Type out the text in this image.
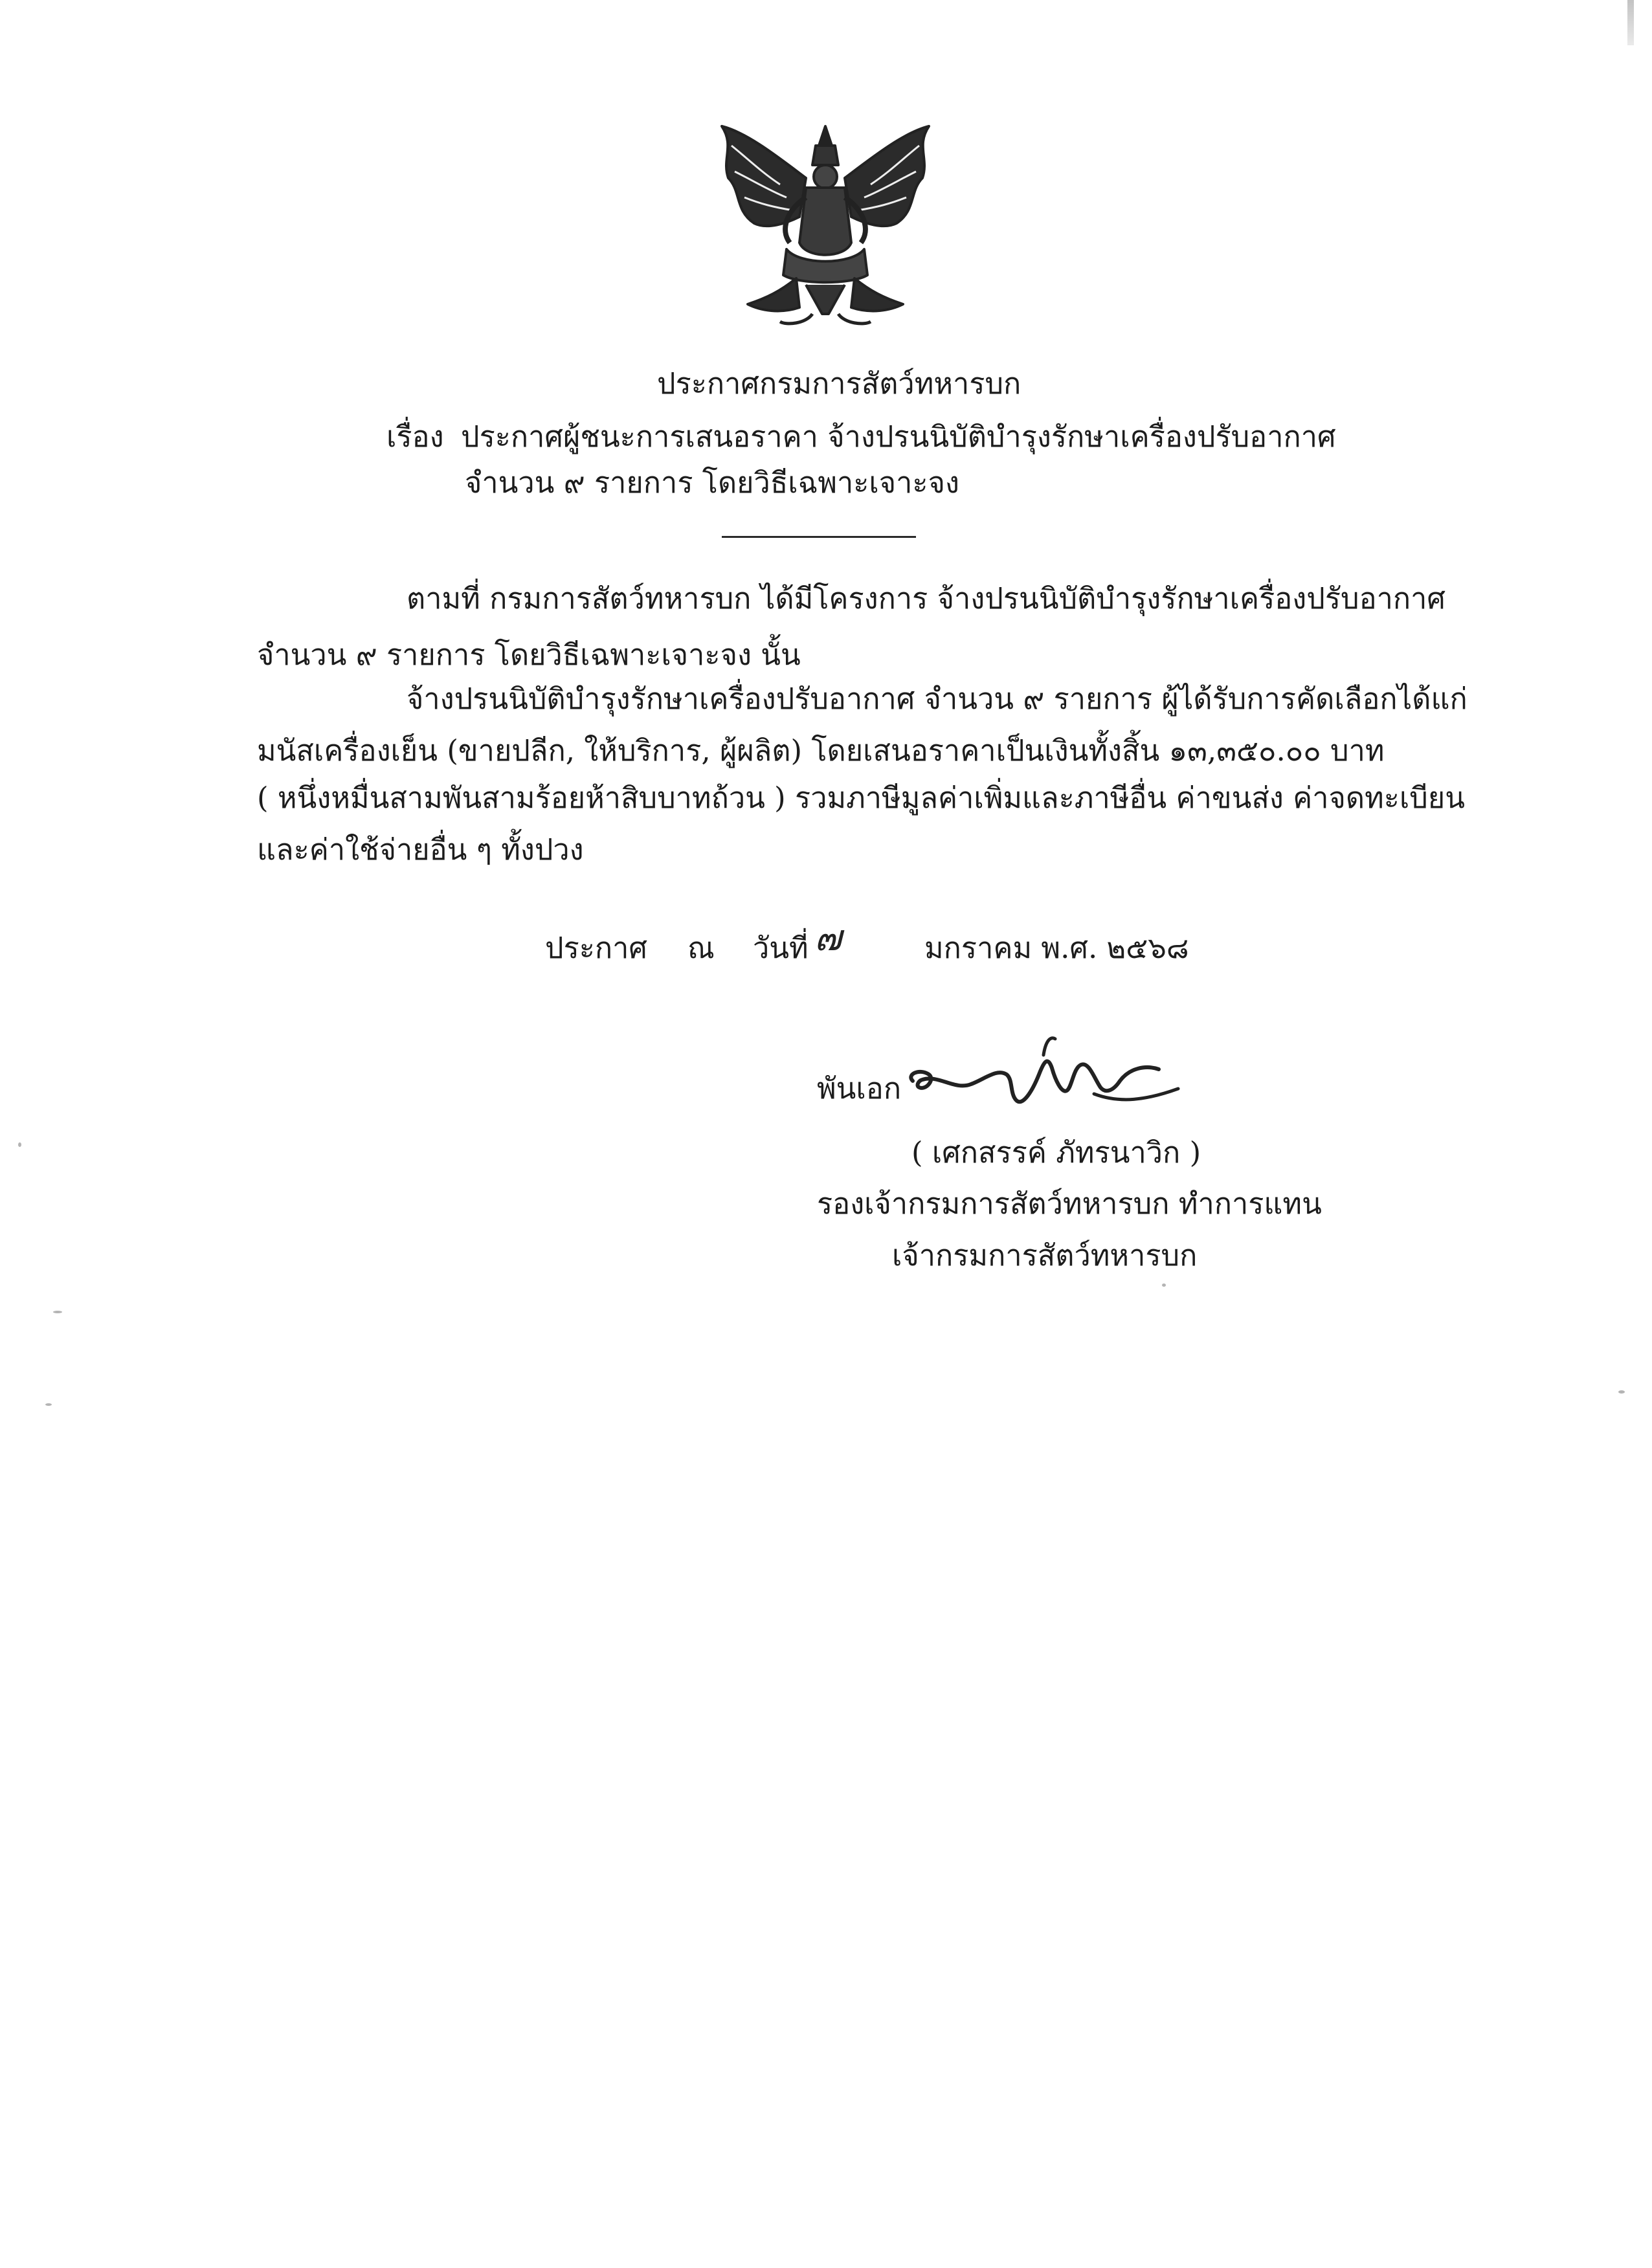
ประกาศกรมการสัตว์ทหารบก
เรื่อง ประกาศผู้ชนะการเสนอราคา จ้างปรนนิบัติบำรุงรักษาเครื่องปรับอากาศ
จำนวน ๙ รายการ โดยวิธีเฉพาะเจาะจง
ตามที่ กรมการสัตว์ทหารบก ได้มีโครงการ จ้างปรนนิบัติบำรุงรักษาเครื่องปรับอากาศ
จำนวน ๙ รายการ โดยวิธีเฉพาะเจาะจง นั้น
จ้างปรนนิบัติบำรุงรักษาเครื่องปรับอากาศ จำนวน ๙ รายการ ผู้ได้รับการคัดเลือกได้แก่
มนัสเครื่องเย็น (ขายปลีก, ให้บริการ, ผู้ผลิต) โดยเสนอราคาเป็นเงินทั้งสิ้น ๑๓,๓๕๐.๐๐ บาท
( หนึ่งหมื่นสามพันสามร้อยห้าสิบบาทถ้วน ) รวมภาษีมูลค่าเพิ่มและภาษีอื่น ค่าขนส่ง ค่าจดทะเบียน
และค่าใช้จ่ายอื่น ๆ ทั้งปวง
ประกาศ ณ วันที่ ๗	มกราคม พ.ศ. ๒๕๖๘
พันเอก
( เศกสรรค์ ภัทรนาวิก )
รองเจ้ากรมการสัตว์ทหารบก ทำการแทน
เจ้ากรมการสัตว์ทหารบก
